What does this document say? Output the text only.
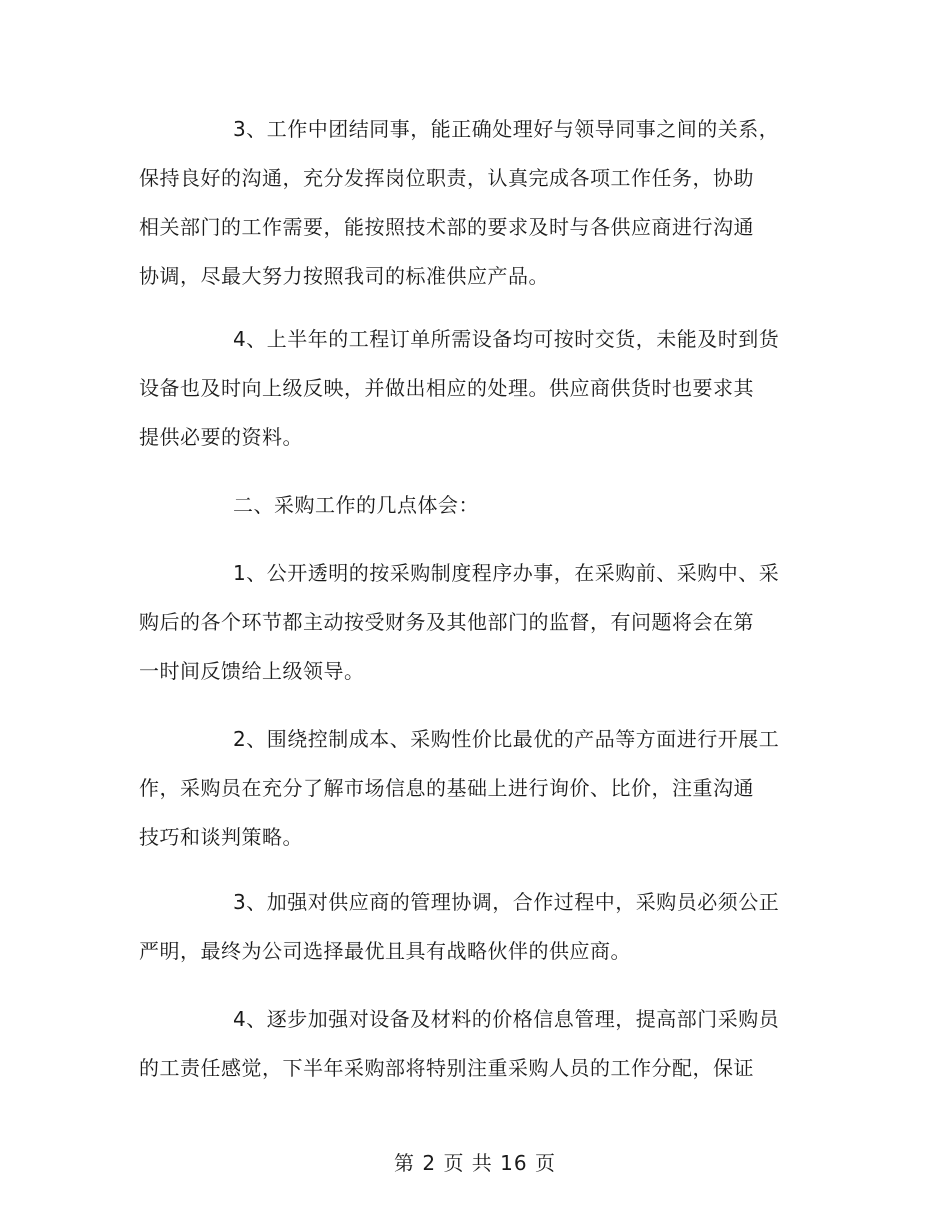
3、工作中团结同事，能正确处理好与领导同事之间的关系，
保持良好的沟通，充分发挥岗位职责，认真完成各项工作任务，协助
相关部门的工作需要，能按照技术部的要求及时与各供应商进行沟通
协调，尽最大努力按照我司的标准供应产品。
4、上半年的工程订单所需设备均可按时交货，未能及时到货
设备也及时向上级反映，并做出相应的处理。供应商供货时也要求其
提供必要的资料。
二、采购工作的几点体会：
1、公开透明的按采购制度程序办事，在采购前、采购中、采
购后的各个环节都主动按受财务及其他部门的监督，有问题将会在第
一时间反馈给上级领导。
2、围绕控制成本、采购性价比最优的产品等方面进行开展工
作，采购员在充分了解市场信息的基础上进行询价、比价，注重沟通
技巧和谈判策略。
3、加强对供应商的管理协调，合作过程中，采购员必须公正
严明，最终为公司选择最优且具有战略伙伴的供应商。
4、逐步加强对设备及材料的价格信息管理，提高部门采购员
的工责任感觉，下半年采购部将特别注重采购人员的工作分配，保证
第 2 页 共 16 页
